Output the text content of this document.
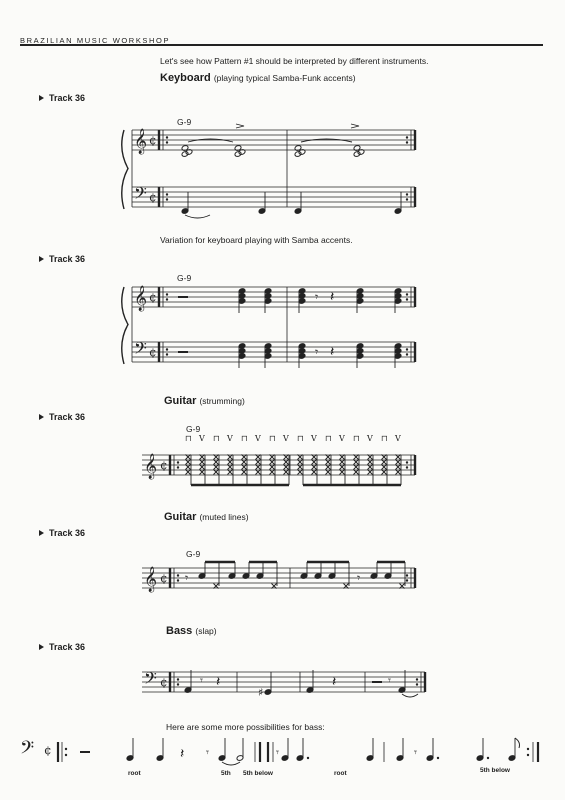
BRAZILIAN MUSIC WORKSHOP
Let's see how Pattern #1 should be interpreted by different instruments.
Keyboard (playing typical Samba-Funk accents)
Track 36
Track 36
Track 36
Track 36
Track 36
Variation for keyboard playing with Samba accents.
Guitar (strumming)
Guitar (muted lines)
Bass (slap)
Here are some more possibilities for bass:
G-9
G-9
G-9
G-9
root	5th 5th below	root	5th below
𝄞
𝄢
¢
¢
𝄞
𝄢
¢
¢
𝄾 𝄽
𝄾 𝄽
𝄞 ¢
⊓ V ⊓ V ⊓ V ⊓ V ⊓ V ⊓ V ⊓ V ⊓ V
𝄞 ¢ 𝄾	𝄾
𝄢 ¢	𝄾 𝄽
♯
𝄽	𝄾
𝄢 ¢	𝄽 𝄾	𝄾	𝄾
